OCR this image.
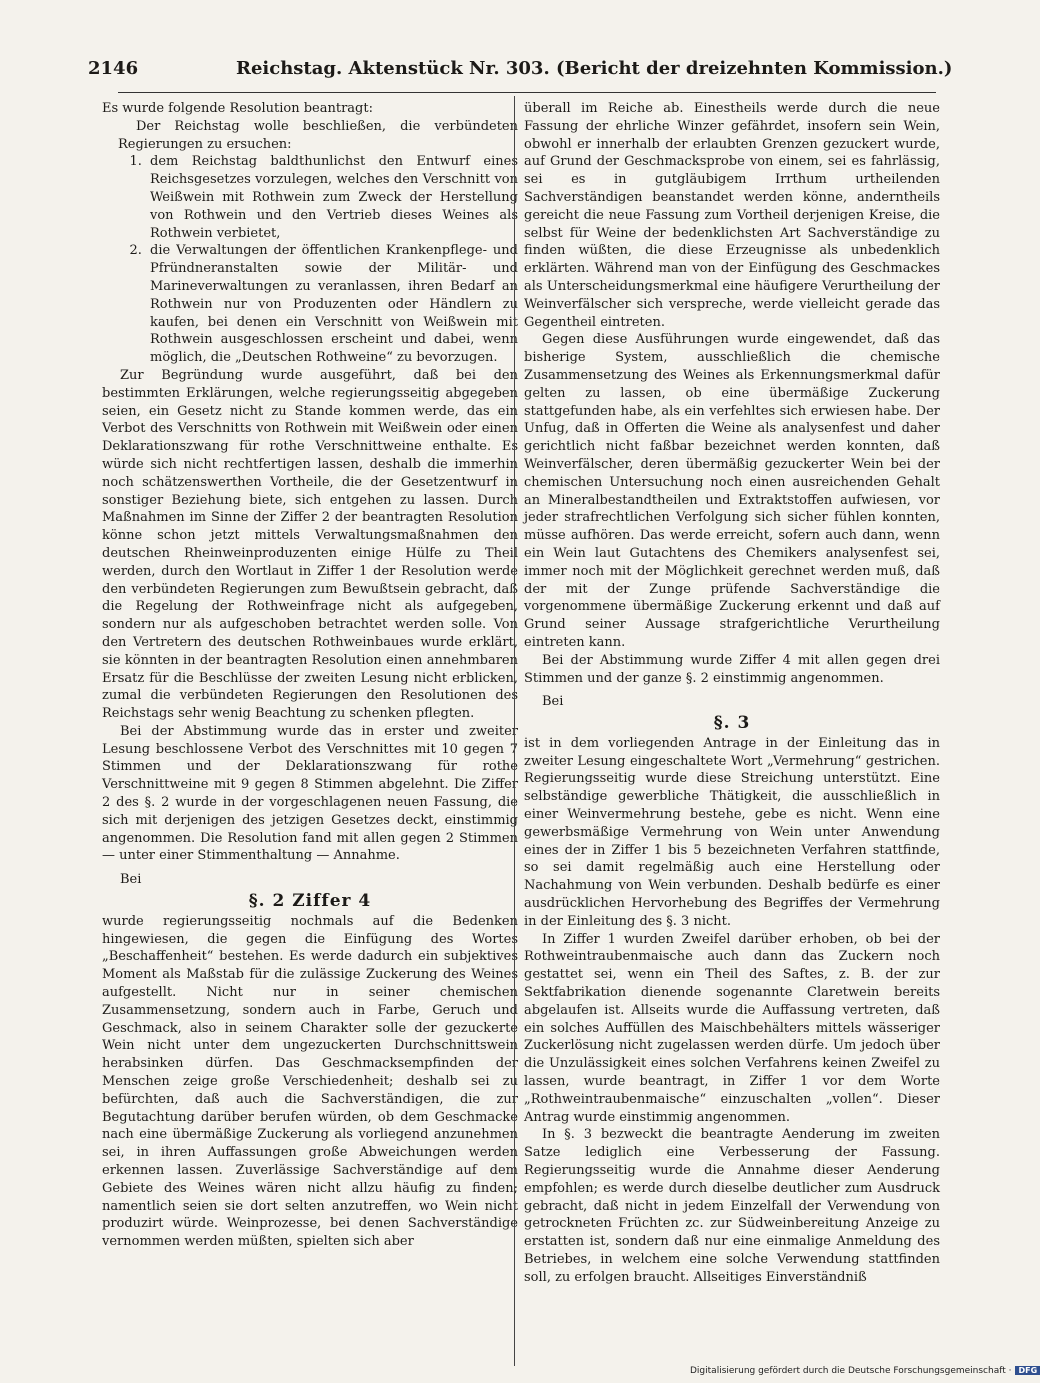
2146	Reichstag. Aktenstück Nr. 303. (Bericht der dreizehnten Kommission.)

Es wurde folgende Resolution beantragt:

Der Reichstag wolle beschließen, die verbündeten Regierungen zu ersuchen:

1. dem Reichstag baldthunlichst den Entwurf eines Reichsgesetzes vorzulegen, welches den Verschnitt von Weißwein mit Rothwein zum Zweck der Herstellung von Rothwein und den Vertrieb dieses Weines als Rothwein verbietet,
2. die Verwaltungen der öffentlichen Krankenpflege- und Pfründneranstalten sowie der Militär- und Marineverwaltungen zu veranlassen, ihren Bedarf an Rothwein nur von Produzenten oder Händlern zu kaufen, bei denen ein Verschnitt von Weißwein mit Rothwein ausgeschlossen erscheint und dabei, wenn möglich, die „Deutschen Rothweine“ zu bevorzugen.

Zur Begründung wurde ausgeführt, daß bei den bestimmten Erklärungen, welche regierungsseitig abgegeben seien, ein Gesetz nicht zu Stande kommen werde, das ein Verbot des Verschnitts von Rothwein mit Weißwein oder einen Deklarationszwang für rothe Verschnittweine enthalte. Es würde sich nicht rechtfertigen lassen, deshalb die immerhin noch schätzenswerthen Vortheile, die der Gesetzentwurf in sonstiger Beziehung biete, sich entgehen zu lassen. Durch Maßnahmen im Sinne der Ziffer 2 der beantragten Resolution könne schon jetzt mittels Verwaltungsmaßnahmen den deutschen Rheinweinproduzenten einige Hülfe zu Theil werden, durch den Wortlaut in Ziffer 1 der Resolution werde den verbündeten Regierungen zum Bewußtsein gebracht, daß die Regelung der Rothweinfrage nicht als aufgegeben, sondern nur als aufgeschoben betrachtet werden solle. Von den Vertretern des deutschen Rothweinbaues wurde erklärt, sie könnten in der beantragten Resolution einen annehmbaren Ersatz für die Beschlüsse der zweiten Lesung nicht erblicken, zumal die verbündeten Regierungen den Resolutionen des Reichstags sehr wenig Beachtung zu schenken pflegten.

Bei der Abstimmung wurde das in erster und zweiter Lesung beschlossene Verbot des Verschnittes mit 10 gegen 7 Stimmen und der Deklarationszwang für rothe Verschnittweine mit 9 gegen 8 Stimmen abgelehnt. Die Ziffer 2 des §. 2 wurde in der vorgeschlagenen neuen Fassung, die sich mit derjenigen des jetzigen Gesetzes deckt, einstimmig angenommen. Die Resolution fand mit allen gegen 2 Stimmen — unter einer Stimmenthaltung — Annahme.

Bei

§. 2 Ziffer 4

wurde regierungsseitig nochmals auf die Bedenken hingewiesen, die gegen die Einfügung des Wortes „Beschaffenheit“ bestehen. Es werde dadurch ein subjektives Moment als Maßstab für die zulässige Zuckerung des Weines aufgestellt. Nicht nur in seiner chemischen Zusammensetzung, sondern auch in Farbe, Geruch und Geschmack, also in seinem Charakter solle der gezuckerte Wein nicht unter dem ungezuckerten Durchschnittswein herabsinken dürfen. Das Geschmacksempfinden der Menschen zeige große Verschiedenheit; deshalb sei zu befürchten, daß auch die Sachverständigen, die zur Begutachtung darüber berufen würden, ob dem Geschmacke nach eine übermäßige Zuckerung als vorliegend anzunehmen sei, in ihren Auffassungen große Abweichungen werden erkennen lassen. Zuverlässige Sachverständige auf dem Gebiete des Weines wären nicht allzu häufig zu finden; namentlich seien sie dort selten anzutreffen, wo Wein nicht produzirt würde. Weinprozesse, bei denen Sachverständige vernommen werden müßten, spielten sich aber

überall im Reiche ab. Einestheils werde durch die neue Fassung der ehrliche Winzer gefährdet, insofern sein Wein, obwohl er innerhalb der erlaubten Grenzen gezuckert wurde, auf Grund der Geschmacksprobe von einem, sei es fahrlässig, sei es in gutgläubigem Irrthum urtheilenden Sachverständigen beanstandet werden könne, anderntheils gereicht die neue Fassung zum Vortheil derjenigen Kreise, die selbst für Weine der bedenklichsten Art Sachverständige zu finden wüßten, die diese Erzeugnisse als unbedenklich erklärten. Während man von der Einfügung des Geschmackes als Unterscheidungsmerkmal eine häufigere Verurtheilung der Weinverfälscher sich verspreche, werde vielleicht gerade das Gegentheil eintreten.

Gegen diese Ausführungen wurde eingewendet, daß das bisherige System, ausschließlich die chemische Zusammensetzung des Weines als Erkennungsmerkmal dafür gelten zu lassen, ob eine übermäßige Zuckerung stattgefunden habe, als ein verfehltes sich erwiesen habe. Der Unfug, daß in Offerten die Weine als analysenfest und daher gerichtlich nicht faßbar bezeichnet werden konnten, daß Weinverfälscher, deren übermäßig gezuckerter Wein bei der chemischen Untersuchung noch einen ausreichenden Gehalt an Mineralbestandtheilen und Extraktstoffen aufwiesen, vor jeder strafrechtlichen Verfolgung sich sicher fühlen konnten, müsse aufhören. Das werde erreicht, sofern auch dann, wenn ein Wein laut Gutachtens des Chemikers analysenfest sei, immer noch mit der Möglichkeit gerechnet werden muß, daß der mit der Zunge prüfende Sachverständige die vorgenommene übermäßige Zuckerung erkennt und daß auf Grund seiner Aussage strafgerichtliche Verurtheilung eintreten kann.

Bei der Abstimmung wurde Ziffer 4 mit allen gegen drei Stimmen und der ganze §. 2 einstimmig angenommen.

Bei

§. 3

ist in dem vorliegenden Antrage in der Einleitung das in zweiter Lesung eingeschaltete Wort „Vermehrung“ gestrichen. Regierungsseitig wurde diese Streichung unterstützt. Eine selbständige gewerbliche Thätigkeit, die ausschließlich in einer Weinvermehrung bestehe, gebe es nicht. Wenn eine gewerbsmäßige Vermehrung von Wein unter Anwendung eines der in Ziffer 1 bis 5 bezeichneten Verfahren stattfinde, so sei damit regelmäßig auch eine Herstellung oder Nachahmung von Wein verbunden. Deshalb bedürfe es einer ausdrücklichen Hervorhebung des Begriffes der Vermehrung in der Einleitung des §. 3 nicht.

In Ziffer 1 wurden Zweifel darüber erhoben, ob bei der Rothweintraubenmaische auch dann das Zuckern noch gestattet sei, wenn ein Theil des Saftes, z. B. der zur Sektfabrikation dienende sogenannte Claretwein bereits abgelaufen ist. Allseits wurde die Auffassung vertreten, daß ein solches Auffüllen des Maischbehälters mittels wässeriger Zuckerlösung nicht zugelassen werden dürfe. Um jedoch über die Unzulässigkeit eines solchen Verfahrens keinen Zweifel zu lassen, wurde beantragt, in Ziffer 1 vor dem Worte „Rothweintraubenmaische“ einzuschalten „vollen“. Dieser Antrag wurde einstimmig angenommen.

In §. 3 bezweckt die beantragte Aenderung im zweiten Satze lediglich eine Verbesserung der Fassung. Regierungsseitig wurde die Annahme dieser Aenderung empfohlen; es werde durch dieselbe deutlicher zum Ausdruck gebracht, daß nicht in jedem Einzelfall der Verwendung von getrockneten Früchten zc. zur Südweinbereitung Anzeige zu erstatten ist, sondern daß nur eine einmalige Anmeldung des Betriebes, in welchem eine solche Verwendung stattfinden soll, zu erfolgen braucht. Allseitiges Einverständniß

Digitalisierung gefördert durch die Deutsche Forschungsgemeinschaft · DFG
